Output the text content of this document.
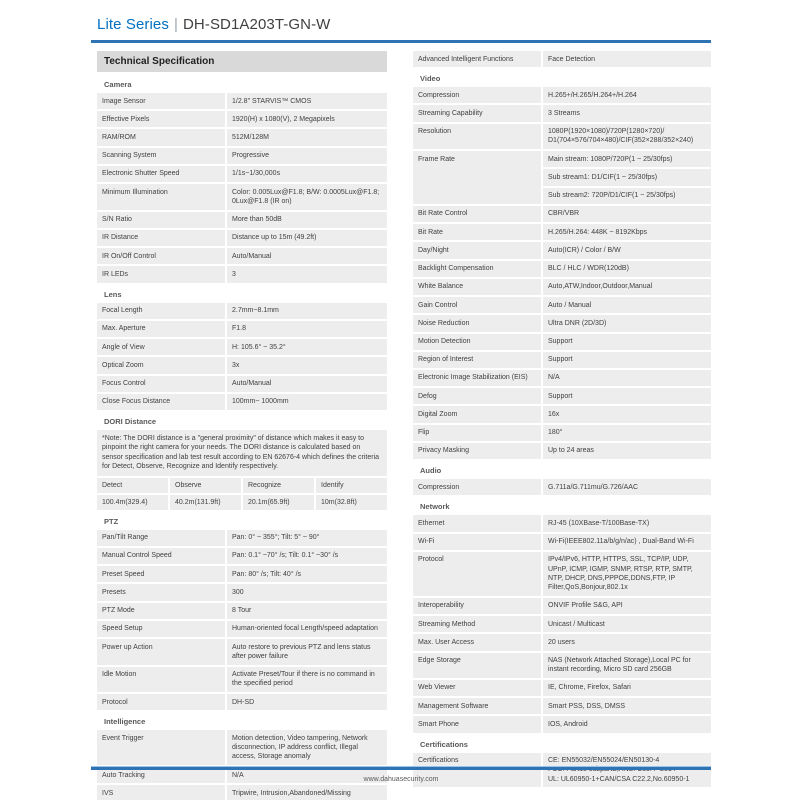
Lite Series | DH-SD1A203T-GN-W
Technical Specification
Camera
Image Sensor	1/2.8" STARVIS™ CMOS
Effective Pixels	1920(H) x 1080(V), 2 Megapixels
RAM/ROM	512M/128M
Scanning System	Progressive
Electronic Shutter Speed	1/1s~1/30,000s
Minimum Illumination	Color: 0.005Lux@F1.8; B/W: 0.0005Lux@F1.8; 0Lux@F1.8 (IR on)
S/N Ratio	More than 50dB
IR Distance	Distance up to 15m (49.2ft)
IR On/Off Control	Auto/Manual
IR LEDs	3
Lens
Focal Length	2.7mm~8.1mm
Max. Aperture	F1.8
Angle of View	H: 105.6° ~ 35.2°
Optical Zoom	3x
Focus Control	Auto/Manual
Close Focus Distance	100mm~ 1000mm
DORI Distance
*Note: The DORI distance is a "general proximity" of distance which makes it easy to pinpoint the right camera for your needs. The DORI distance is calculated based on sensor specification and lab test result according to EN 62676-4 which defines the criteria for Detect, Observe, Recognize and Identify respectively.
Detect	Observe	Recognize	Identify
100.4m(329.4)	40.2m(131.9ft)	20.1m(65.9ft)	10m(32.8ft)
PTZ
Pan/Tilt Range	Pan: 0° ~ 355°; Tilt: 5° ~ 90°
Manual Control Speed	Pan: 0.1° ~70° /s; Tilt: 0.1° ~30° /s
Preset Speed	Pan: 80° /s; Tilt: 40° /s
Presets	300
PTZ Mode	8 Tour
Speed Setup	Human-oriented focal Length/speed adaptation
Power up Action	Auto restore to previous PTZ and lens status after power failure
Idle Motion	Activate Preset/Tour if there is no command in the specified period
Protocol	DH-SD
Intelligence
Event Trigger	Motion detection, Video tampering, Network disconnection, IP address conflict, Illegal access, Storage anomaly
Auto Tracking	N/A
IVS	Tripwire, Intrusion,Abandoned/Missing
Advanced Intelligent Functions	Face Detection
Video
Compression	H.265+/H.265/H.264+/H.264
Streaming Capability	3 Streams
Resolution	1080P(1920×1080)/720P(1280×720)/ D1(704×576/704×480)/CIF(352×288/352×240)
Frame Rate	Main stream: 1080P/720P(1 ~ 25/30fps)
Sub stream1: D1/CIF(1 ~ 25/30fps)
Sub stream2: 720P/D1/CIF(1 ~ 25/30fps)
Bit Rate Control	CBR/VBR
Bit Rate	H.265/H.264: 448K ~ 8192Kbps
Day/Night	Auto(ICR) / Color / B/W
Backlight Compensation	BLC / HLC / WDR(120dB)
White Balance	Auto,ATW,Indoor,Outdoor,Manual
Gain Control	Auto / Manual
Noise Reduction	Ultra DNR (2D/3D)
Motion Detection	Support
Region of Interest	Support
Electronic Image Stabilization (EIS)	N/A
Defog	Support
Digital Zoom	16x
Flip	180°
Privacy Masking	Up to 24 areas
Audio
Compression	G.711a/G.711mu/G.726/AAC
Network
Ethernet	RJ-45 (10XBase-T/100Base-TX)
Wi-Fi	Wi-Fi(IEEE802.11a/b/g/n/ac) , Dual-Band Wi-Fi
Protocol	IPv4/IPv6, HTTP, HTTPS, SSL, TCP/IP, UDP, UPnP, ICMP, IGMP, SNMP, RTSP, RTP, SMTP, NTP, DHCP, DNS,PPPOE,DDNS,FTP, IP Filter,QoS,Bonjour,802.1x
Interoperability	ONVIF Profile S&G, API
Streaming Method	Unicast / Multicast
Max. User Access	20 users
Edge Storage	NAS (Network Attached Storage),Local PC for instant recording, Micro SD card 256GB
Web Viewer	IE, Chrome, Firefox, Safari
Management Software	Smart PSS, DSS, DMSS
Smart Phone	IOS, Android
Certifications
Certifications	CE: EN55032/EN55024/EN50130-4
UL: UL60950-1+CAN/CSA C22.2,No.60950-1
www.dahuasecurity.com
